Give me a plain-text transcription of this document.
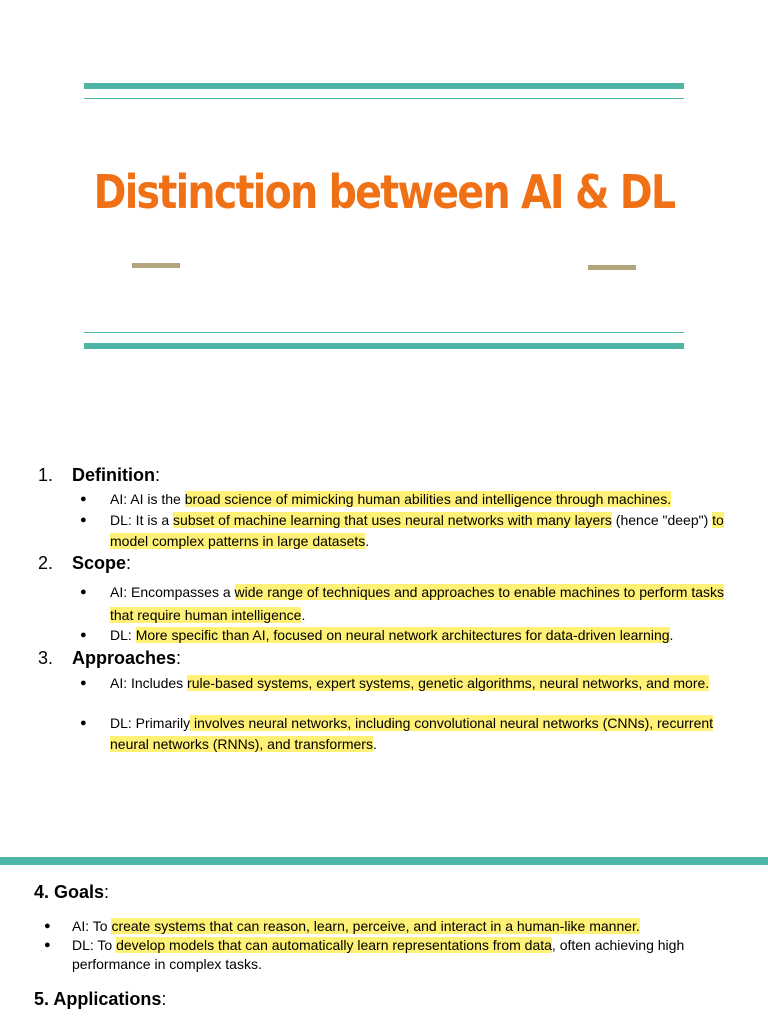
Distinction between AI & DL
1. Definition:
● AI: AI is the broad science of mimicking human abilities and intelligence through machines.
● DL: It is a subset of machine learning that uses neural networks with many layers (hence "deep") to model complex patterns in large datasets.
2. Scope:
● AI: Encompasses a wide range of techniques and approaches to enable machines to perform tasks that require human intelligence.
● DL: More specific than AI, focused on neural network architectures for data-driven learning.
3. Approaches:
● AI: Includes rule-based systems, expert systems, genetic algorithms, neural networks, and more.
● DL: Primarily involves neural networks, including convolutional neural networks (CNNs), recurrent neural networks (RNNs), and transformers.
4. Goals:
● AI: To create systems that can reason, learn, perceive, and interact in a human-like manner.
● DL: To develop models that can automatically learn representations from data, often achieving high performance in complex tasks.
5. Applications:
